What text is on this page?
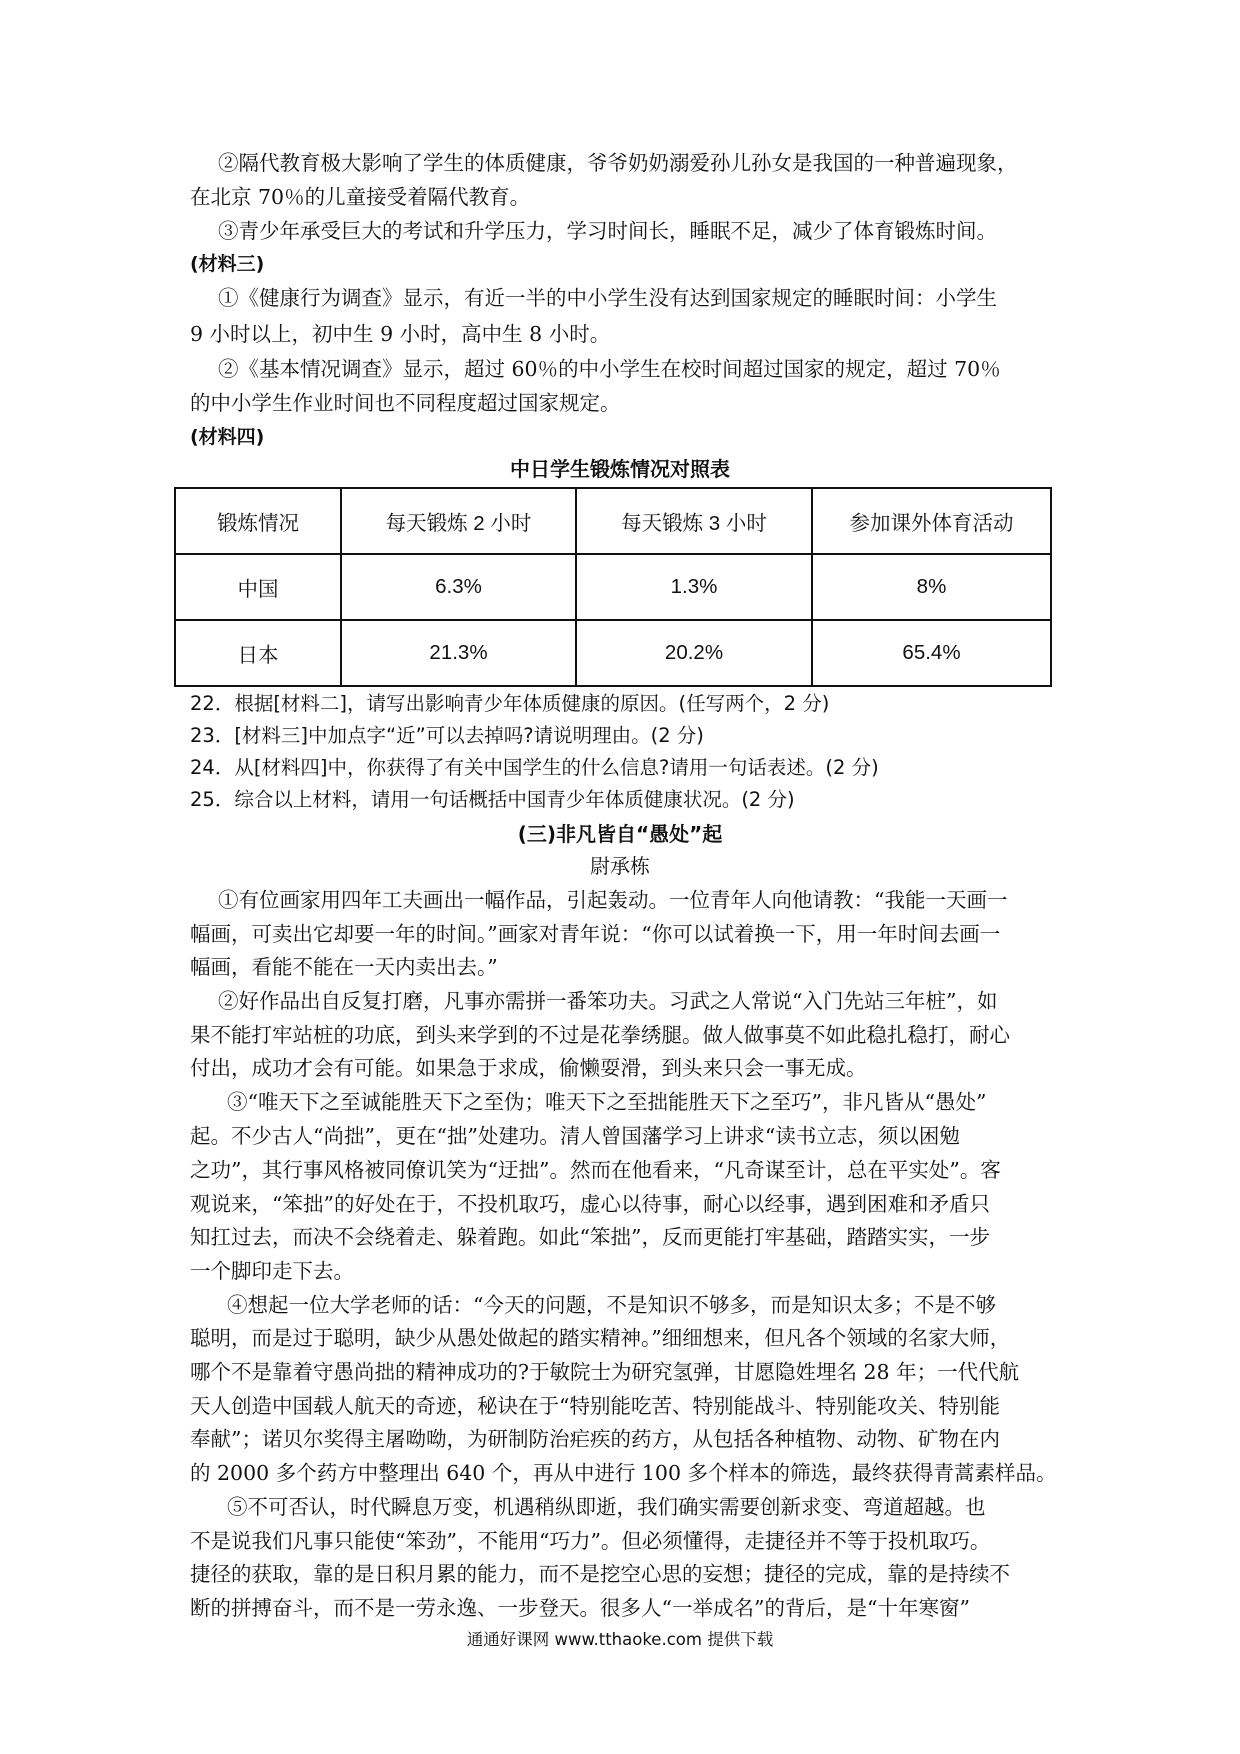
②隔代教育极大影响了学生的体质健康，爷爷奶奶溺爱孙儿孙女是我国的一种普遍现象，
在北京 70％的儿童接受着隔代教育。
③青少年承受巨大的考试和升学压力，学习时间长，睡眠不足，减少了体育锻炼时间。
(材料三)
①《健康行为调查》显示，有近一半的中小学生没有达到国家规定的睡眠时间：小学生
9 小时以上，初中生 9 小时，高中生 8 小时。
②《基本情况调查》显示，超过 60％的中小学生在校时间超过国家的规定，超过 70％
的中小学生作业时间也不同程度超过国家规定。
(材料四)
中日学生锻炼情况对照表
锻炼情况	每天锻炼 2 小时	每天锻炼 3 小时	参加课外体育活动
中国	6.3%	1.3%	8%
日本	21.3%	20.2%	65.4%
22．根据[材料二]，请写出影响青少年体质健康的原因。(任写两个，2 分)
23．[材料三]中加点字“近”可以去掉吗?请说明理由。(2 分)
24．从[材料四]中，你获得了有关中国学生的什么信息?请用一句话表述。(2 分)
25．综合以上材料，请用一句话概括中国青少年体质健康状况。(2 分)
(三)非凡皆自“愚处”起
尉承栋
①有位画家用四年工夫画出一幅作品，引起轰动。一位青年人向他请教：“我能一天画一
幅画，可卖出它却要一年的时间。”画家对青年说：“你可以试着换一下，用一年时间去画一
幅画，看能不能在一天内卖出去。”
②好作品出自反复打磨，凡事亦需拼一番笨功夫。习武之人常说“入门先站三年桩”，如
果不能打牢站桩的功底，到头来学到的不过是花拳绣腿。做人做事莫不如此稳扎稳打，耐心
付出，成功才会有可能。如果急于求成，偷懒耍滑，到头来只会一事无成。
③“唯天下之至诚能胜天下之至伪；唯天下之至拙能胜天下之至巧”，非凡皆从“愚处”
起。不少古人“尚拙”，更在“拙”处建功。清人曾国藩学习上讲求“读书立志，须以困勉
之功”，其行事风格被同僚讥笑为“迂拙”。然而在他看来，“凡奇谋至计，总在平实处”。客
观说来，“笨拙”的好处在于，不投机取巧，虚心以待事，耐心以经事，遇到困难和矛盾只
知扛过去，而决不会绕着走、躲着跑。如此“笨拙”，反而更能打牢基础，踏踏实实，一步
一个脚印走下去。
④想起一位大学老师的话：“今天的问题，不是知识不够多，而是知识太多；不是不够
聪明，而是过于聪明，缺少从愚处做起的踏实精神。”细细想来，但凡各个领域的名家大师，
哪个不是靠着守愚尚拙的精神成功的?于敏院士为研究氢弹，甘愿隐姓埋名 28 年；一代代航
天人创造中国载人航天的奇迹，秘诀在于“特别能吃苦、特别能战斗、特别能攻关、特别能
奉献”；诺贝尔奖得主屠呦呦，为研制防治疟疾的药方，从包括各种植物、动物、矿物在内
的 2000 多个药方中整理出 640 个，再从中进行 100 多个样本的筛选，最终获得青蒿素样品。
⑤不可否认，时代瞬息万变，机遇稍纵即逝，我们确实需要创新求变、弯道超越。也
不是说我们凡事只能使“笨劲”，不能用“巧力”。但必须懂得，走捷径并不等于投机取巧。
捷径的获取，靠的是日积月累的能力，而不是挖空心思的妄想；捷径的完成，靠的是持续不
断的拼搏奋斗，而不是一劳永逸、一步登天。很多人“一举成名”的背后，是“十年寒窗”
通通好课网 www.tthaoke.com 提供下载
